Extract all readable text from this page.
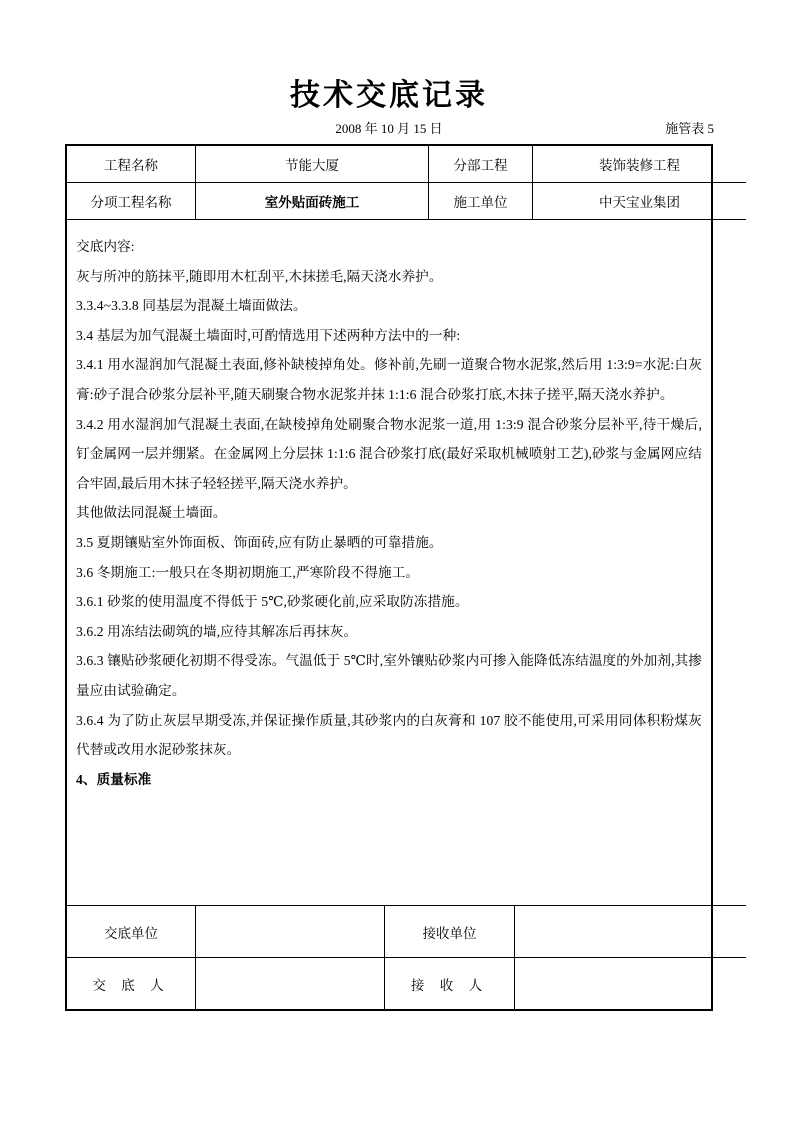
技术交底记录
2008 年 10 月 15 日	施管表 5
工程名称	节能大厦	分部工程	装饰装修工程
分项工程名称	室外贴面砖施工	施工单位	中天宝业集团

交底内容:

灰与所冲的筋抹平,随即用木杠刮平,木抹搓毛,隔天浇水养护。

3.3.4~3.3.8 同基层为混凝土墙面做法。

3.4 基层为加气混凝土墙面时,可酌情选用下述两种方法中的一种:

3.4.1 用水湿润加气混凝土表面,修补缺棱掉角处。修补前,先刷一道聚合物水泥浆,然后用 1:3:9=水泥:白灰膏:砂子混合砂浆分层补平,随天刷聚合物水泥浆并抹 1:1:6 混合砂浆打底,木抹子搓平,隔天浇水养护。

3.4.2 用水湿润加气混凝土表面,在缺棱掉角处刷聚合物水泥浆一道,用 1:3:9 混合砂浆分层补平,待干燥后,钉金属网一层并绷紧。在金属网上分层抹 1:1:6 混合砂浆打底(最好采取机械喷射工艺),砂浆与金属网应结合牢固,最后用木抹子轻轻搓平,隔天浇水养护。

其他做法同混凝土墙面。

3.5 夏期镶贴室外饰面板、饰面砖,应有防止暴晒的可靠措施。

3.6 冬期施工:一般只在冬期初期施工,严寒阶段不得施工。

3.6.1 砂浆的使用温度不得低于 5℃,砂浆硬化前,应采取防冻措施。

3.6.2 用冻结法砌筑的墙,应待其解冻后再抹灰。

3.6.3 镶贴砂浆硬化初期不得受冻。气温低于 5℃时,室外镶贴砂浆内可掺入能降低冻结温度的外加剂,其掺量应由试验确定。

3.6.4 为了防止灰层早期受冻,并保证操作质量,其砂浆内的白灰膏和 107 胶不能使用,可采用同体积粉煤灰代替或改用水泥砂浆抹灰。

4、质量标准

交底单位		接收单位	
交 底 人		接 收 人	
